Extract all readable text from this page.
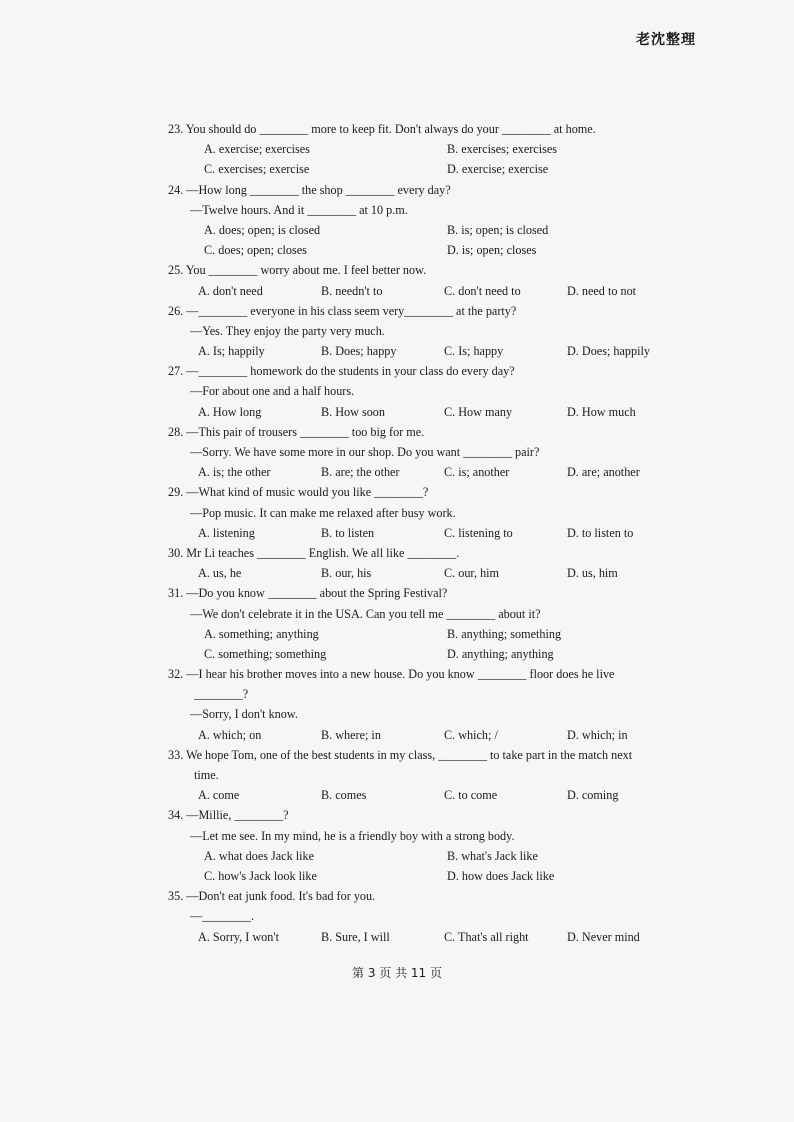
老沈整理
23. You should do ________ more to keep fit. Don't always do your ________ at home.
A. exercise; exercises	B. exercises; exercises
C. exercises; exercise	D. exercise; exercise
24. —How long ________ the shop ________ every day?
—Twelve hours. And it ________ at 10 p.m.
A. does; open; is closed	B. is; open; is closed
C. does; open; closes	D. is; open; closes
25. You ________ worry about me. I feel better now.
A. don't need	B. needn't to	C. don't need to	D. need to not
26. —________ everyone in his class seem very________ at the party?
—Yes. They enjoy the party very much.
A. Is; happily	B. Does; happy	C. Is; happy	D. Does; happily
27. —________ homework do the students in your class do every day?
—For about one and a half hours.
A. How long	B. How soon	C. How many	D. How much
28. —This pair of trousers ________ too big for me.
—Sorry. We have some more in our shop. Do you want ________ pair?
A. is; the other	B. are; the other	C. is; another	D. are; another
29. —What kind of music would you like ________?
—Pop music. It can make me relaxed after busy work.
A. listening	B. to listen	C. listening to	D. to listen to
30. Mr Li teaches ________ English. We all like ________.
A. us, he	B. our, his	C. our, him	D. us, him
31. —Do you know ________ about the Spring Festival?
—We don't celebrate it in the USA. Can you tell me ________ about it?
A. something; anything	B. anything; something
C. something; something	D. anything; anything
32. —I hear his brother moves into a new house. Do you know ________ floor does he live
________?
—Sorry, I don't know.
A. which; on	B. where; in	C. which; /	D. which; in
33. We hope Tom, one of the best students in my class, ________ to take part in the match next
time.
A. come	B. comes	C. to come	D. coming
34. —Millie, ________?
—Let me see. In my mind, he is a friendly boy with a strong body.
A. what does Jack like	B. what's Jack like
C. how's Jack look like	D. how does Jack like
35. —Don't eat junk food. It's bad for you.
—________.
A. Sorry, I won't	B. Sure, I will	C. That's all right	D. Never mind
第 3 页 共 11 页
